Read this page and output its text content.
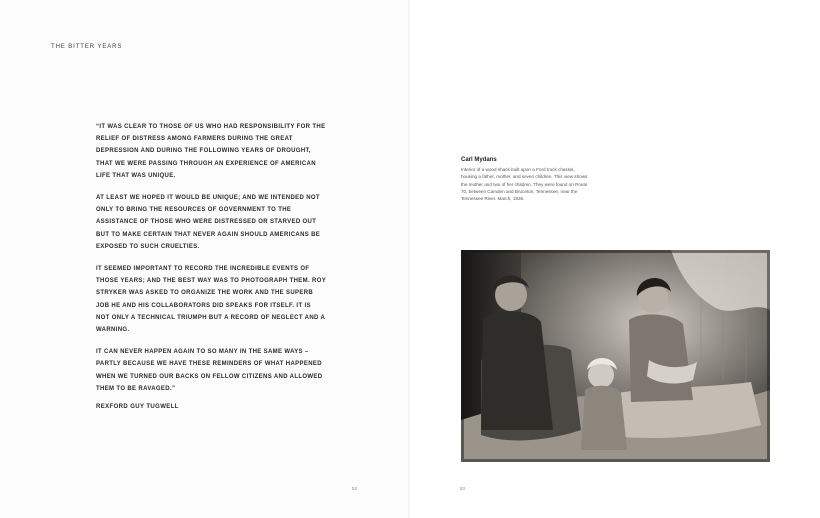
THE BITTER YEARS

“IT WAS CLEAR TO THOSE OF US WHO HAD RESPONSIBILITY FOR THE RELIEF OF DISTRESS AMONG FARMERS DURING THE GREAT DEPRESSION AND DURING THE FOLLOWING YEARS OF DROUGHT, THAT WE WERE PASSING THROUGH AN EXPERIENCE OF AMERICAN LIFE THAT WAS UNIQUE.

AT LEAST WE HOPED IT WOULD BE UNIQUE; AND WE INTENDED NOT ONLY TO BRING THE RESOURCES OF GOVERNMENT TO THE ASSISTANCE OF THOSE WHO WERE DISTRESSED OR STARVED OUT BUT TO MAKE CERTAIN THAT NEVER AGAIN SHOULD AMERICANS BE EXPOSED TO SUCH CRUELTIES.

IT SEEMED IMPORTANT TO RECORD THE INCREDIBLE EVENTS OF THOSE YEARS; AND THE BEST WAY WAS TO PHOTOGRAPH THEM. ROY STRYKER WAS ASKED TO ORGANIZE THE WORK AND THE SUPERB JOB HE AND HIS COLLABORATORS DID SPEAKS FOR ITSELF. IT IS NOT ONLY A TECHNICAL TRIUMPH BUT A RECORD OF NEGLECT AND A WARNING.

IT CAN NEVER HAPPEN AGAIN TO SO MANY IN THE SAME WAYS – PARTLY BECAUSE WE HAVE THESE REMINDERS OF WHAT HAPPENED WHEN WE TURNED OUR BACKS ON FELLOW CITIZENS AND ALLOWED THEM TO BE RAVAGED.”

REXFORD GUY TUGWELL
52	53
Carl Mydans
Interior of a wood shack built upon a Ford truck chassis, housing a father, mother, and seven children. This view shows the mother and two of her children. They were found on Route 70, between Camden and Bruceton, Tennessee, near the Tennessee River. March, 1936.
